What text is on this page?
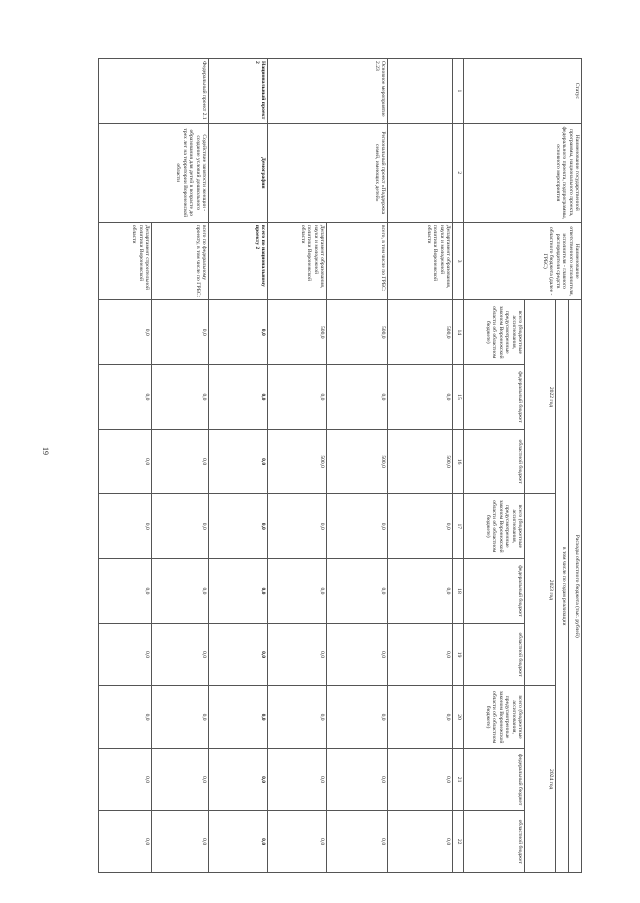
19
Статус	Наименование государственной программы, национального проекта, федерального проекта, подпрограммы, основного мероприятия	Наименование ответственного исполнителя, исполнителя - главного распорядителя средств областного бюджета (далее - ГРБС)	Расходы областного бюджета (тыс. рублей)								
			в том числе по годам реализации								
			2022 год			2023 год			2024 год		
			всего (бюджетные ассигнования, предусмотренные законом Воронежской области об областном бюджете)	федеральный бюджет	областной бюджет	всего (бюджетные ассигнования, предусмотренные законом Воронежской области об областном бюджете)	федеральный бюджет	областной бюджет	всего (бюджетные ассигнования, предусмотренные законом Воронежской области об областном бюджете)	федеральный бюджет	областной бюджет
1	2	3	14	15	16	17	18	19	20	21	22
		Департамент образования, науки и молодежной политики Воронежской области	500,0	0,0	500,0	0,0	0,0	0,0	0,0	0,0	0,0
Основное мероприятие 2.23	Региональный проект «Поддержка семей, имеющих детей»	всего, в том числе по ГРБС:	500,0	0,0	500,0	0,0	0,0	0,0	0,0	0,0	0,0
		Департамент образования, науки и молодежной политики Воронежской области	500,0	0,0	500,0	0,0	0,0	0,0	0,0	0,0	0,0
Национальный проект 2	Демография	всего по национальному проекту 2	0,0	0,0	0,0	0,0	0,0	0,0	0,0	0,0	0,0
Федеральный проект 2.1	Содействие занятости женщин - создание условий дошкольного образования для детей в возрасте до трех лет на территории Воронежской области	всего по федеральному проекту, в том числе по ГРБС:	0,0	0,0	0,0	0,0	0,0	0,0	0,0	0,0	0,0
		Департамент строительной политики Воронежской области	0,0	0,0	0,0	0,0	0,0	0,0	0,0	0,0	0,0
